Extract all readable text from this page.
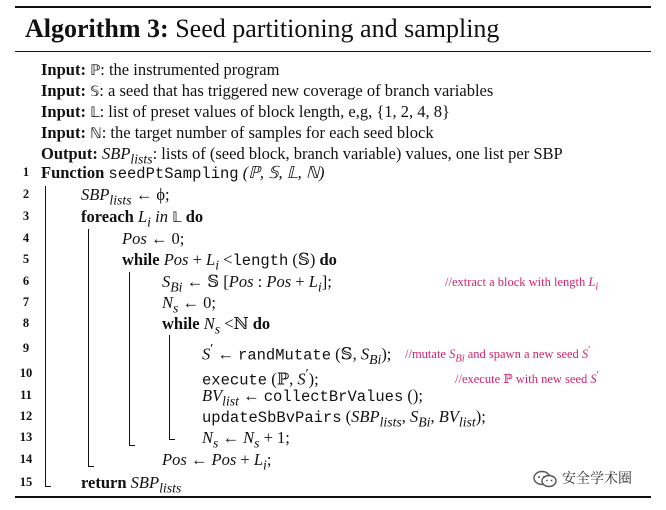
Algorithm 3: Seed partitioning and sampling
Input: ℙ: the instrumented program
Input: 𝕊: a seed that has triggered new coverage of branch variables
Input: 𝕃: list of preset values of block length, e,g, {1, 2, 4, 8}
Input: ℕ: the target number of samples for each seed block
Output: $SBP_{lists}$: lists of (seed block, branch variable) values, one list per SBP
1 Function seedPtSampling (ℙ, 𝕊, 𝕃, ℕ)
2	$SBP_{lists}$ ← ϕ;
3	foreach $L_i$ in 𝕃 do
4	Pos ← 0;
5	while Pos + $L_i$ <length (𝕊) do
6	$S_{Bi}$ ← 𝕊 [Pos : Pos + $L_i$];	//extract a block with length $L_i$
7	$N_s$ ← 0;
8	while $N_s$ <ℕ do
9	S′ ← randMutate (𝕊, $S_{Bi}$); //mutate $S_{Bi}$ and spawn a new seed S′
10	execute (ℙ, S′);	//execute ℙ with new seed S′
11	$BV_{list}$ ← collectBrValues ();
12	updateSbBvPairs ($SBP_{lists}$, $S_{Bi}$, $BV_{list}$);
13	$N_s$ ← $N_s + 1$;
14	Pos ← Pos + $L_i$;
15	return $SBP_{lists}$
安全学术圈
